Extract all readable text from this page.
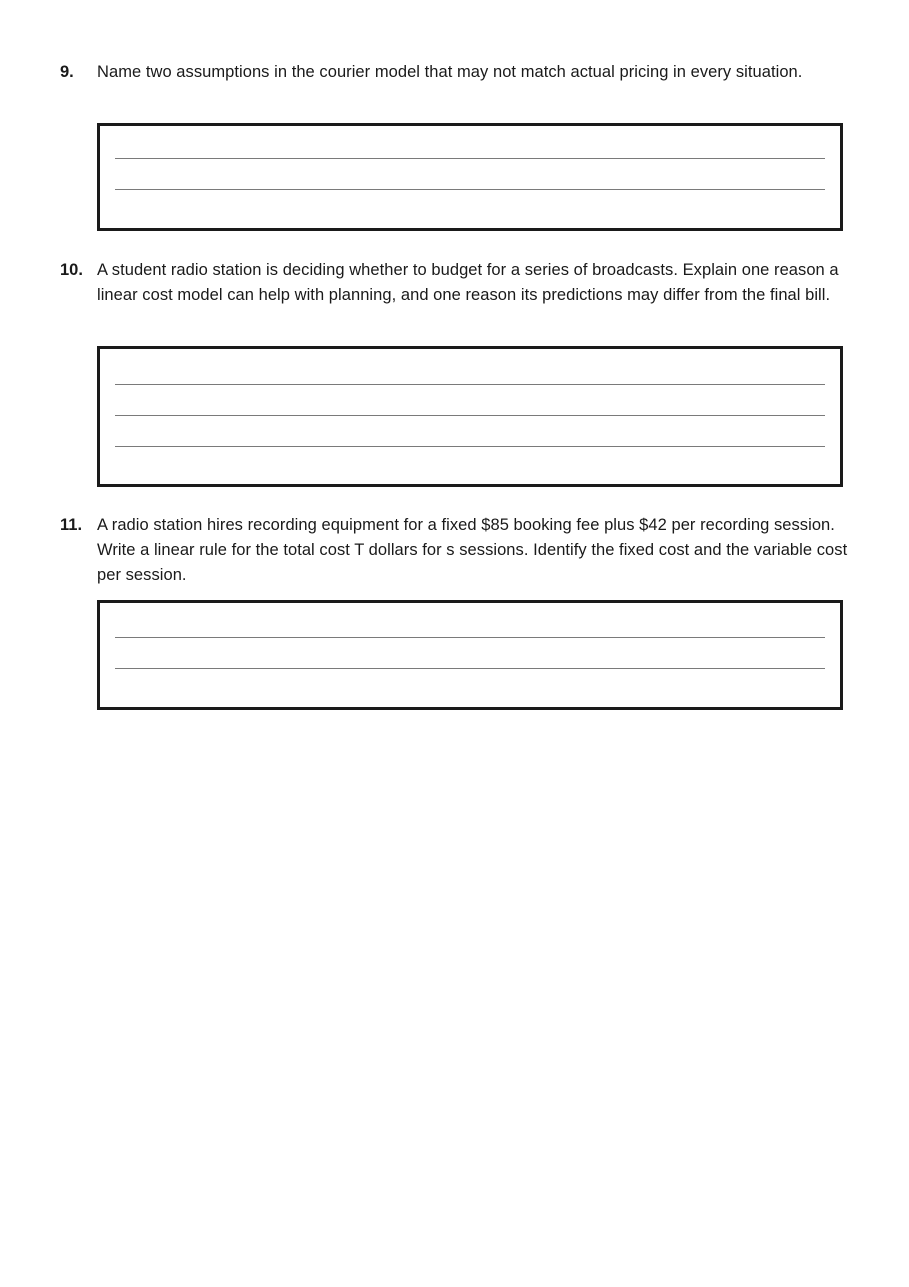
9. Name two assumptions in the courier model that may not match actual pricing in every situation.
10. A student radio station is deciding whether to budget for a series of broadcasts. Explain one reason a linear cost model can help with planning, and one reason its predictions may differ from the final bill.
11. A radio station hires recording equipment for a fixed $85 booking fee plus $42 per recording session. Write a linear rule for the total cost T dollars for s sessions. Identify the fixed cost and the variable cost per session.
